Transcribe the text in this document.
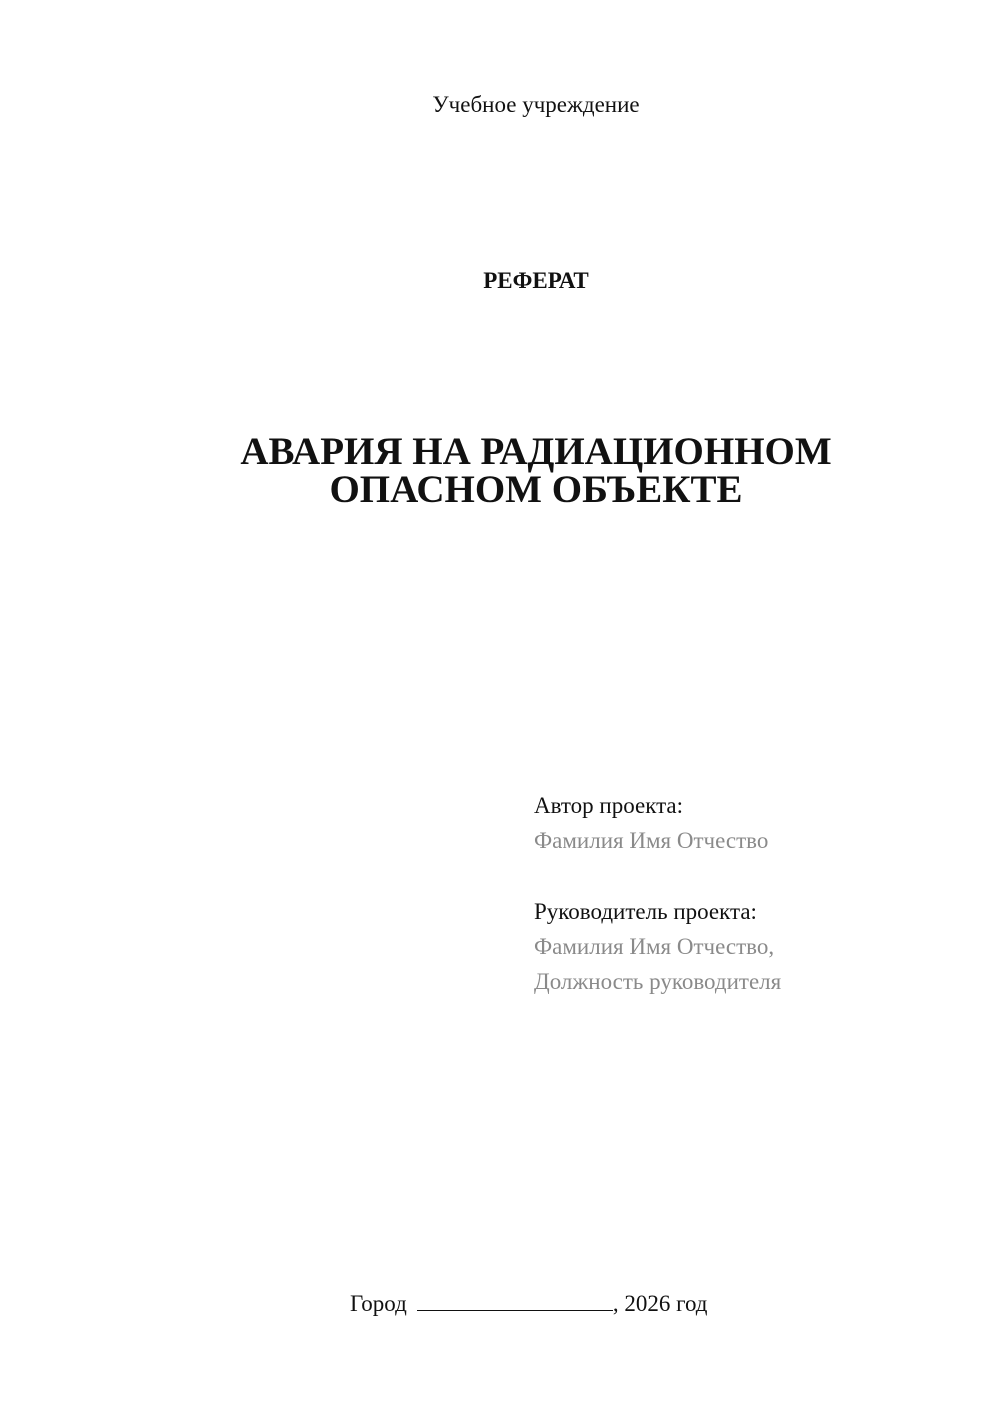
Учебное учреждение
РЕФЕРАТ
АВАРИЯ НА РАДИАЦИОННОМ
ОПАСНОМ ОБЪЕКТЕ
Автор проекта:
Фамилия Имя Отчество
Руководитель проекта:
Фамилия Имя Отчество,
Должность руководителя
Город	, 2026 год
